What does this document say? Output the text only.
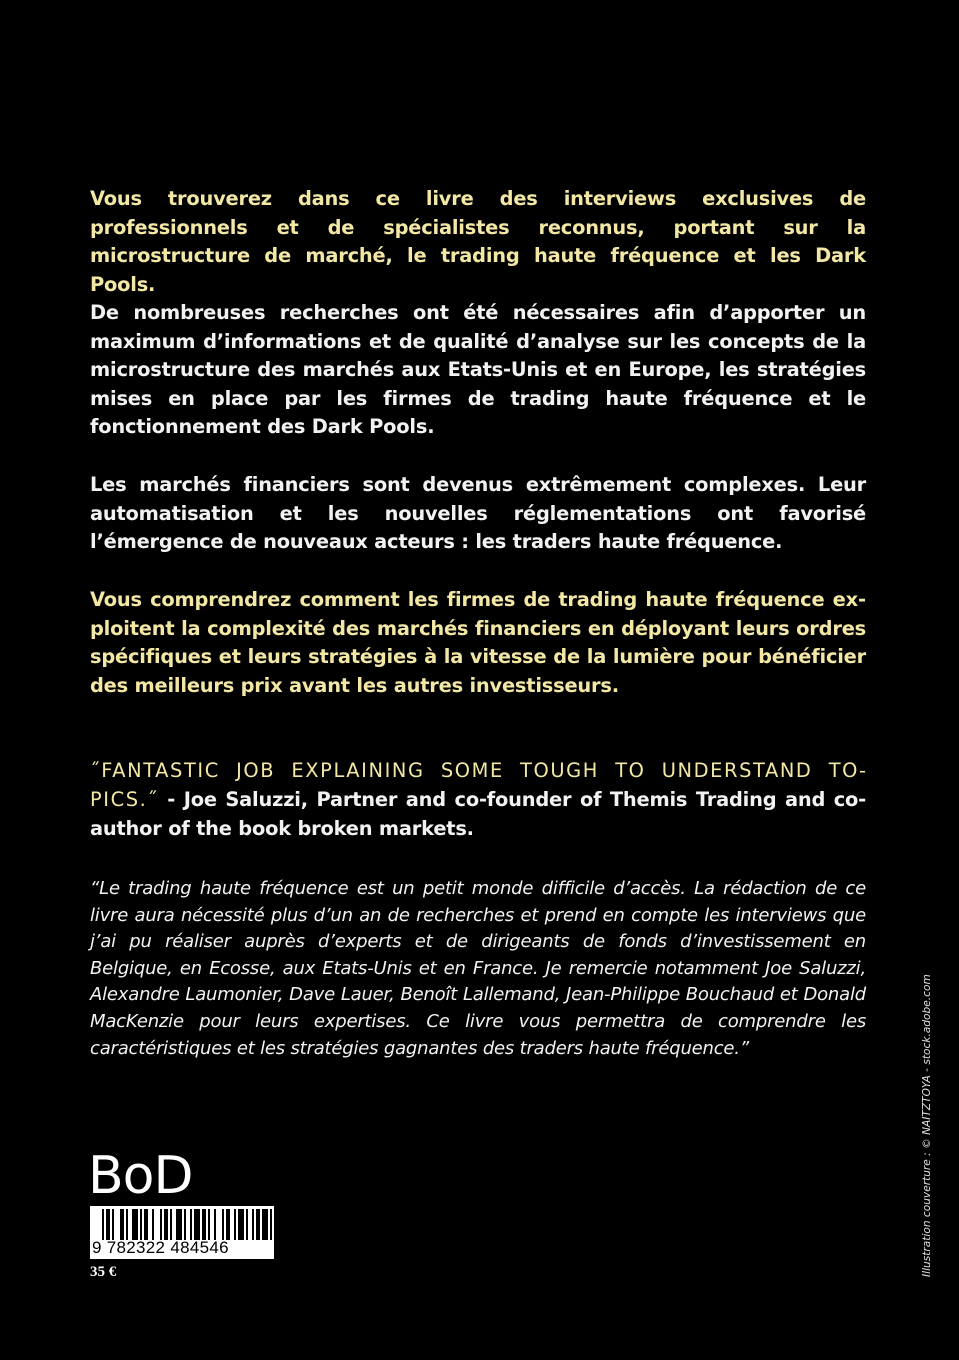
Vous trouverez dans ce livre des interviews exclusives de professionnels et de spécialistes reconnus, portant sur la microstructure de marché, le trading haute fréquence et les Dark Pools.

De nombreuses recherches ont été nécessaires afin d’apporter un maximum d’informations et de qualité d’analyse sur les concepts de la microstructure des marchés aux Etats-Unis et en Europe, les stratégies mises en place par les firmes de trading haute fréquence et le fonctionnement des Dark Pools.

Les marchés financiers sont devenus extrêmement complexes. Leur automatisation et les nouvelles réglementations ont favorisé l’émergence de nouveaux acteurs : les traders haute fréquence.

Vous comprendrez comment les firmes de trading haute fréquence exploitent la complexité des marchés financiers en déployant leurs ordres spécifiques et leurs stratégies à la vitesse de la lumière pour bénéficier des meilleurs prix avant les autres investisseurs.

˝FANTASTIC JOB EXPLAINING SOME TOUGH TO UNDERSTAND TOPICS.˝ - Joe Saluzzi, Partner and co-founder of Themis Trading and co-author of the book broken markets.

“Le trading haute fréquence est un petit monde difficile d’accès. La rédaction de ce livre aura nécessité plus d’un an de recherches et prend en compte les interviews que j’ai pu réaliser auprès d’experts et de dirigeants de fonds d’investissement en Belgique, en Ecosse, aux Etats-Unis et en France. Je remercie notamment Joe Saluzzi, Alexandre Laumonier, Dave Lauer, Benoît Lallemand, Jean-Philippe Bouchaud et Donald MacKenzie pour leurs expertises. Ce livre vous permettra de comprendre les caractéristiques et les stratégies gagnantes des traders haute fréquence.”

BoD
9 782322 484546
35 €	Illustration couverture : © NAITZTOYA - stock.adobe.com
